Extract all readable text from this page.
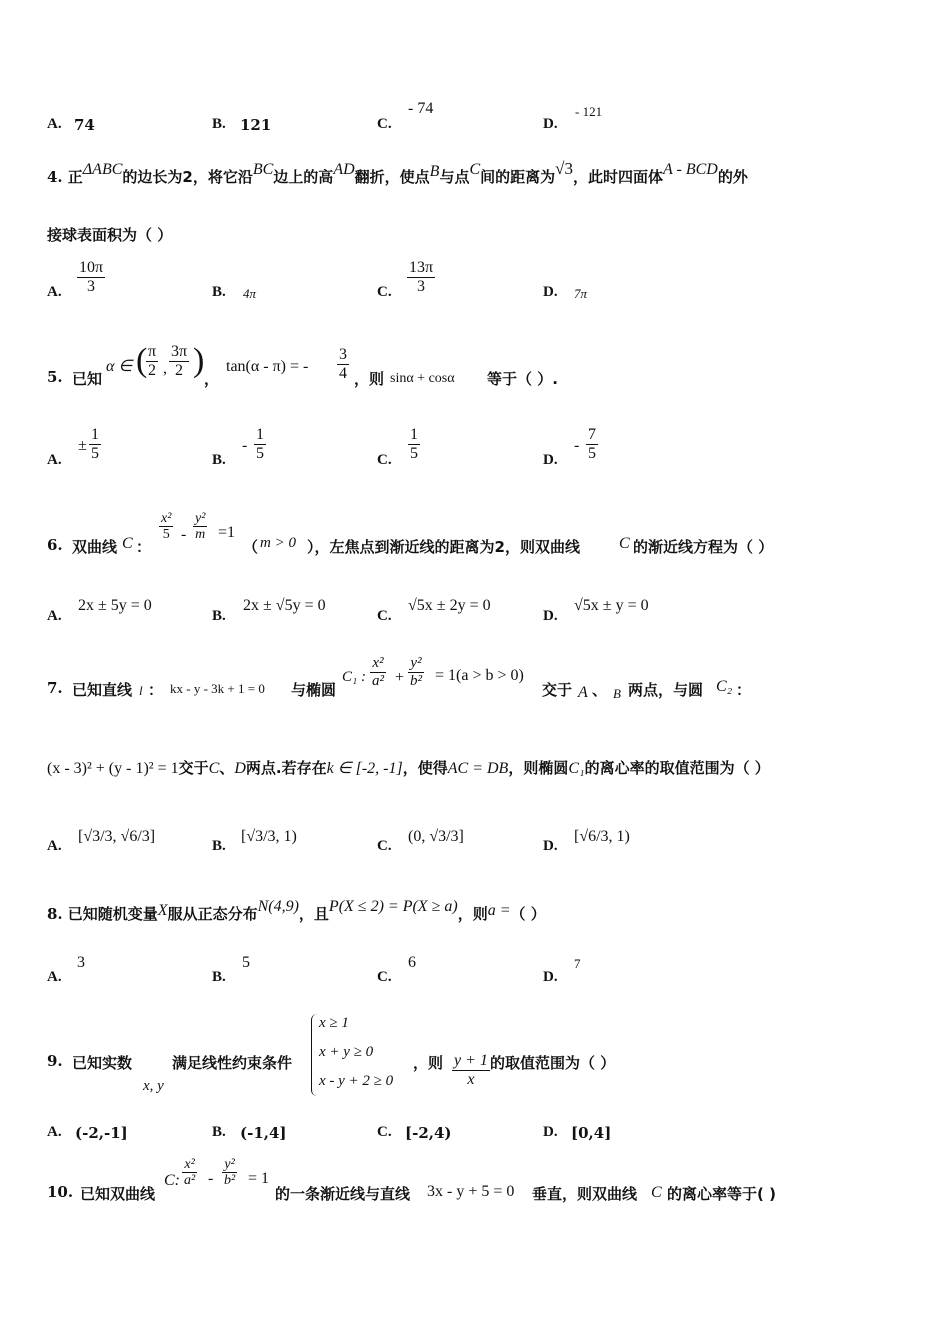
A. 74	B. 121	C.
- 74
D.
- 121
4. 正ΔABC的边长为2，将它沿BC边上的高AD翻折，使点B与点C间的距离为√3，此时四面体A - BCD的外
接球表面积为（ ）
A. $\frac{10\pi}{3}$	B. 4π	C. $\frac{13\pi}{3}$	D. 7π
5. 已知
α ∈ (
$\frac{\pi}{2}$ , $\frac{3\pi}{2}$ ) ，
tan(α - π) = - $\frac{3}{4}$ ，则 sinα + cosα 等于（ ）.
A.
± $\frac{1}{5}$	B.
- $\frac{1}{5}$	C. $\frac{1}{5}$	D.
- $\frac{7}{5}$
6. 双曲线 C ：
$\frac{\text{x²}}{5} - \frac{\text{y²}}{m} =1$
（ m > 0 ），左焦点到渐近线的距离为2，则双曲线 C 的渐近线方程为（ ）
A.
2x ± 5y = 0
B.
2x ± √5y = 0
C.
√5x ± 2y = 0
D.
√5x ± y = 0
7. 已知直线 l ： kx - y - 3k + 1 = 0 与椭圆
C₁ : $\frac{\text{x²}}{\text{a²}} + \frac{\text{y²}}{\text{b²}} = 1(a > b > 0)$
交于 A 、 B 两点，与圆 C₂ ：
(x - 3)² + (y - 1)² = 1交于C、D两点.若存在k ∈ [-2, -1]，使得AC = DB，则椭圆C₁的离心率的取值范围为（ ）
A.
[√3/3, √6/3]
B.
[√3/3, 1)
C.
(0, √3/3]
D.
[√6/3, 1)
8. 已知随机变量X服从正态分布N(4,9)，且P(X ≤ 2) = P(X ≥ a)，则a =（ ）
A.
3
B.
5
C.
6
D.
7
9. 已知实数
x, y
满足线性约束条件
x ≥ 1
x + y ≥ 0
x - y + 2 ≥ 0
，则 $\frac{y + 1}{x}$ 的取值范围为（ ）
A. (-2,-1]	B. (-1,4]	C. [-2,4)	D. [0,4]
10. 已知双曲线
C: $\frac{\text{x²}}{\text{a²}} - \frac{\text{y²}}{\text{b²}} = 1$
的一条渐近线与直线 3x - y + 5 = 0 垂直，则双曲线 C 的离心率等于( )
